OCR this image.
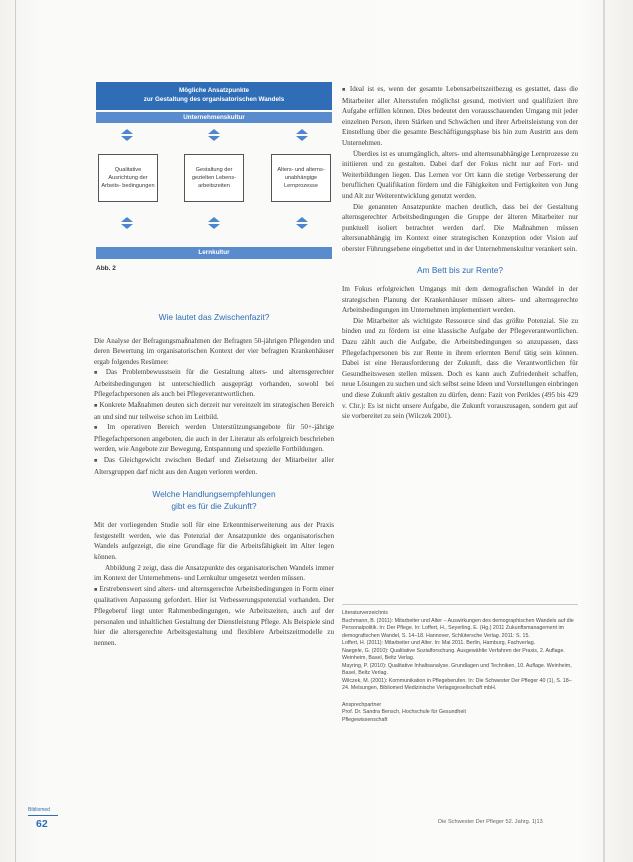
Mögliche Ansatzpunkte
zur Gestaltung des organisatorischen Wandels
Unternehmenskultur
Qualitative Ausrichtung der Arbeits- bedingungen
Gestaltung der gezielten Lebens- arbeitszeiten
Alters- und alterns- unabhängige Lernprozesse
Lernkultur
Abb. 2

Wie lautet das Zwischenfazit?

Die Analyse der Befragungsmaßnahmen der Befragten 50-jährigen Pflegenden und deren Bewertung im organisatorischen Kontext der vier befragten Krankenhäuser ergab folgendes Resümee:

■ Das Problembewusstsein für die Gestaltung alters- und alternsgerechter Arbeitsbedingungen ist unterschiedlich ausgeprägt vorhanden, sowohl bei Pflegefachpersonen als auch bei Pflegeverantwortlichen.

■ Konkrete Maßnahmen deuten sich derzeit nur vereinzelt im strategischen Bereich an und sind nur teilweise schon im Leitbild.

■ Im operativen Bereich werden Unterstützungsangebote für 50+-jährige Pflegefachpersonen angeboten, die auch in der Literatur als erfolgreich beschrieben werden, wie Angebote zur Bewegung, Entspannung und spezielle Fortbildungen.

■ Das Gleichgewicht zwischen Bedarf und Zielsetzung der Mitarbeiter aller Altersgruppen darf nicht aus den Augen verloren werden.

Welche Handlungsempfehlungen

gibt es für die Zukunft?

Mit der vorliegenden Studie soll für eine Erkenntniserweiterung aus der Praxis festgestellt werden, wie das Potenzial der Ansatzpunkte des organisatorischen Wandels aufgezeigt, die eine Grundlage für die Arbeitsfähigkeit im Alter legen können.

Abbildung 2 zeigt, dass die Ansatzpunkte des organisatorischen Wandels immer im Kontext der Unternehmens- und Lernkultur umgesetzt werden müssen.

■ Erstrebenswert sind alters- und alternsgerechte Arbeitsbedingungen in Form einer qualitativen Anpassung gefordert. Hier ist Verbesserungspotenzial vorhanden. Der Pflegeberuf liegt unter Rahmenbedingungen, wie Arbeitszeiten, auch auf der personalen und inhaltlichen Gestaltung der Dienstleistung Pflege. Als Beispiele sind hier die altersgerechte Arbeitsgestaltung und flexiblere Arbeitszeitmodelle zu nennen.

■ Ideal ist es, wenn der gesamte Lebensarbeitszeitbezug es gestattet, dass die Mitarbeiter aller Altersstufen möglichst gesund, motiviert und qualifiziert ihre Aufgabe erfüllen können. Dies bedeutet den vorausschauenden Umgang mit jeder einzelnen Person, ihren Stärken und Schwächen und ihrer Arbeitsleistung von der Einstellung über die gesamte Beschäftigungsphase bis hin zum Austritt aus dem Unternehmen.

Überdies ist es unumgänglich, alters- und alternsunabhängige Lernprozesse zu initiieren und zu gestalten. Dabei darf der Fokus nicht nur auf Fort- und Weiterbildungen liegen. Das Lernen vor Ort kann die stetige Verbesserung der beruflichen Qualifikation fördern und die Fähigkeiten und Fertigkeiten von Jung und Alt zur Weiterentwicklung genutzt werden.

Die genannten Ansatzpunkte machen deutlich, dass bei der Gestaltung alternsgerechter Arbeitsbedingungen die Gruppe der älteren Mitarbeiter nur punktuell isoliert betrachtet werden darf. Die Maßnahmen müssen altersunabhängig im Kontext einer strategischen Konzeption oder Vision auf oberster Führungsebene eingebettet und in der Unternehmenskultur verankert sein.

Am Bett bis zur Rente?

Im Fokus erfolgreichen Umgangs mit dem demografischen Wandel in der strategischen Planung der Krankenhäuser müssen alters- und alternsgerechte Arbeitsbedingungen im Unternehmen implementiert werden.

Die Mitarbeiter als wichtigste Ressource sind das größte Potenzial. Sie zu binden und zu fördern ist eine klassische Aufgabe der Pflegeverantwortlichen. Dazu zählt auch die Aufgabe, die Arbeitsbedingungen so anzupassen, dass Pflegefachpersonen bis zur Rente in ihrem erlernten Beruf tätig sein können. Dabei ist eine Herausforderung der Zukunft, dass die Verantwortlichen für Gesundheitswesen stellen müssen. Doch es kann auch Zufriedenheit schaffen, neue Lösungen zu suchen und sich selbst seine Ideen und Vorstellungen einbringen und diese Zukunft aktiv gestalten zu dürfen, denn: Fazit von Perikles (495 bis 429 v. Chr.): Es ist nicht unsere Aufgabe, die Zukunft vorauszusagen, sondern gut auf sie vorbereitet zu sein (Wilczek 2001).

Literaturverzeichnis

Buchmann, B. (2011): Mitarbeiter und Alter – Auswirkungen des demographischen Wandels auf die Personalpolitik. In: Der Pflege. In: Loffert, H., Seyerling, E. (Hg.) 2011 Zukunftsmanagement im demografischen Wandel, S. 14–18. Hannover, Schlütersche Verlag. 2011: S. 15.

Loffert, H. (2011): Mitarbeiter und Alter. In: Mai 2011. Berlin, Hamburg, Fachverlag.

Naegele, G. (2010): Qualitative Sozialforschung. Ausgewählte Verfahren der Praxis, 2. Auflage. Weinheim, Basel, Beltz Verlag.

Mayring, P. (2010): Qualitative Inhaltsanalyse. Grundlagen und Techniken, 10. Auflage. Weinheim, Basel, Beltz Verlag.

Wilczek, M. (2001): Kommunikation in Pflegeberufen. In: Die Schwester Der Pfleger 40 (1), S. 18–24. Melsungen, Bibliomed Medizinische Verlagsgesellschaft mbH.

Ansprechpartner

Prof. Dr. Sandra Bensch, Hochschule für Gesundheit

Pflegewissenschaft

Bibliomed
62	Die Schwester Der Pfleger 52. Jahrg. 1|13
